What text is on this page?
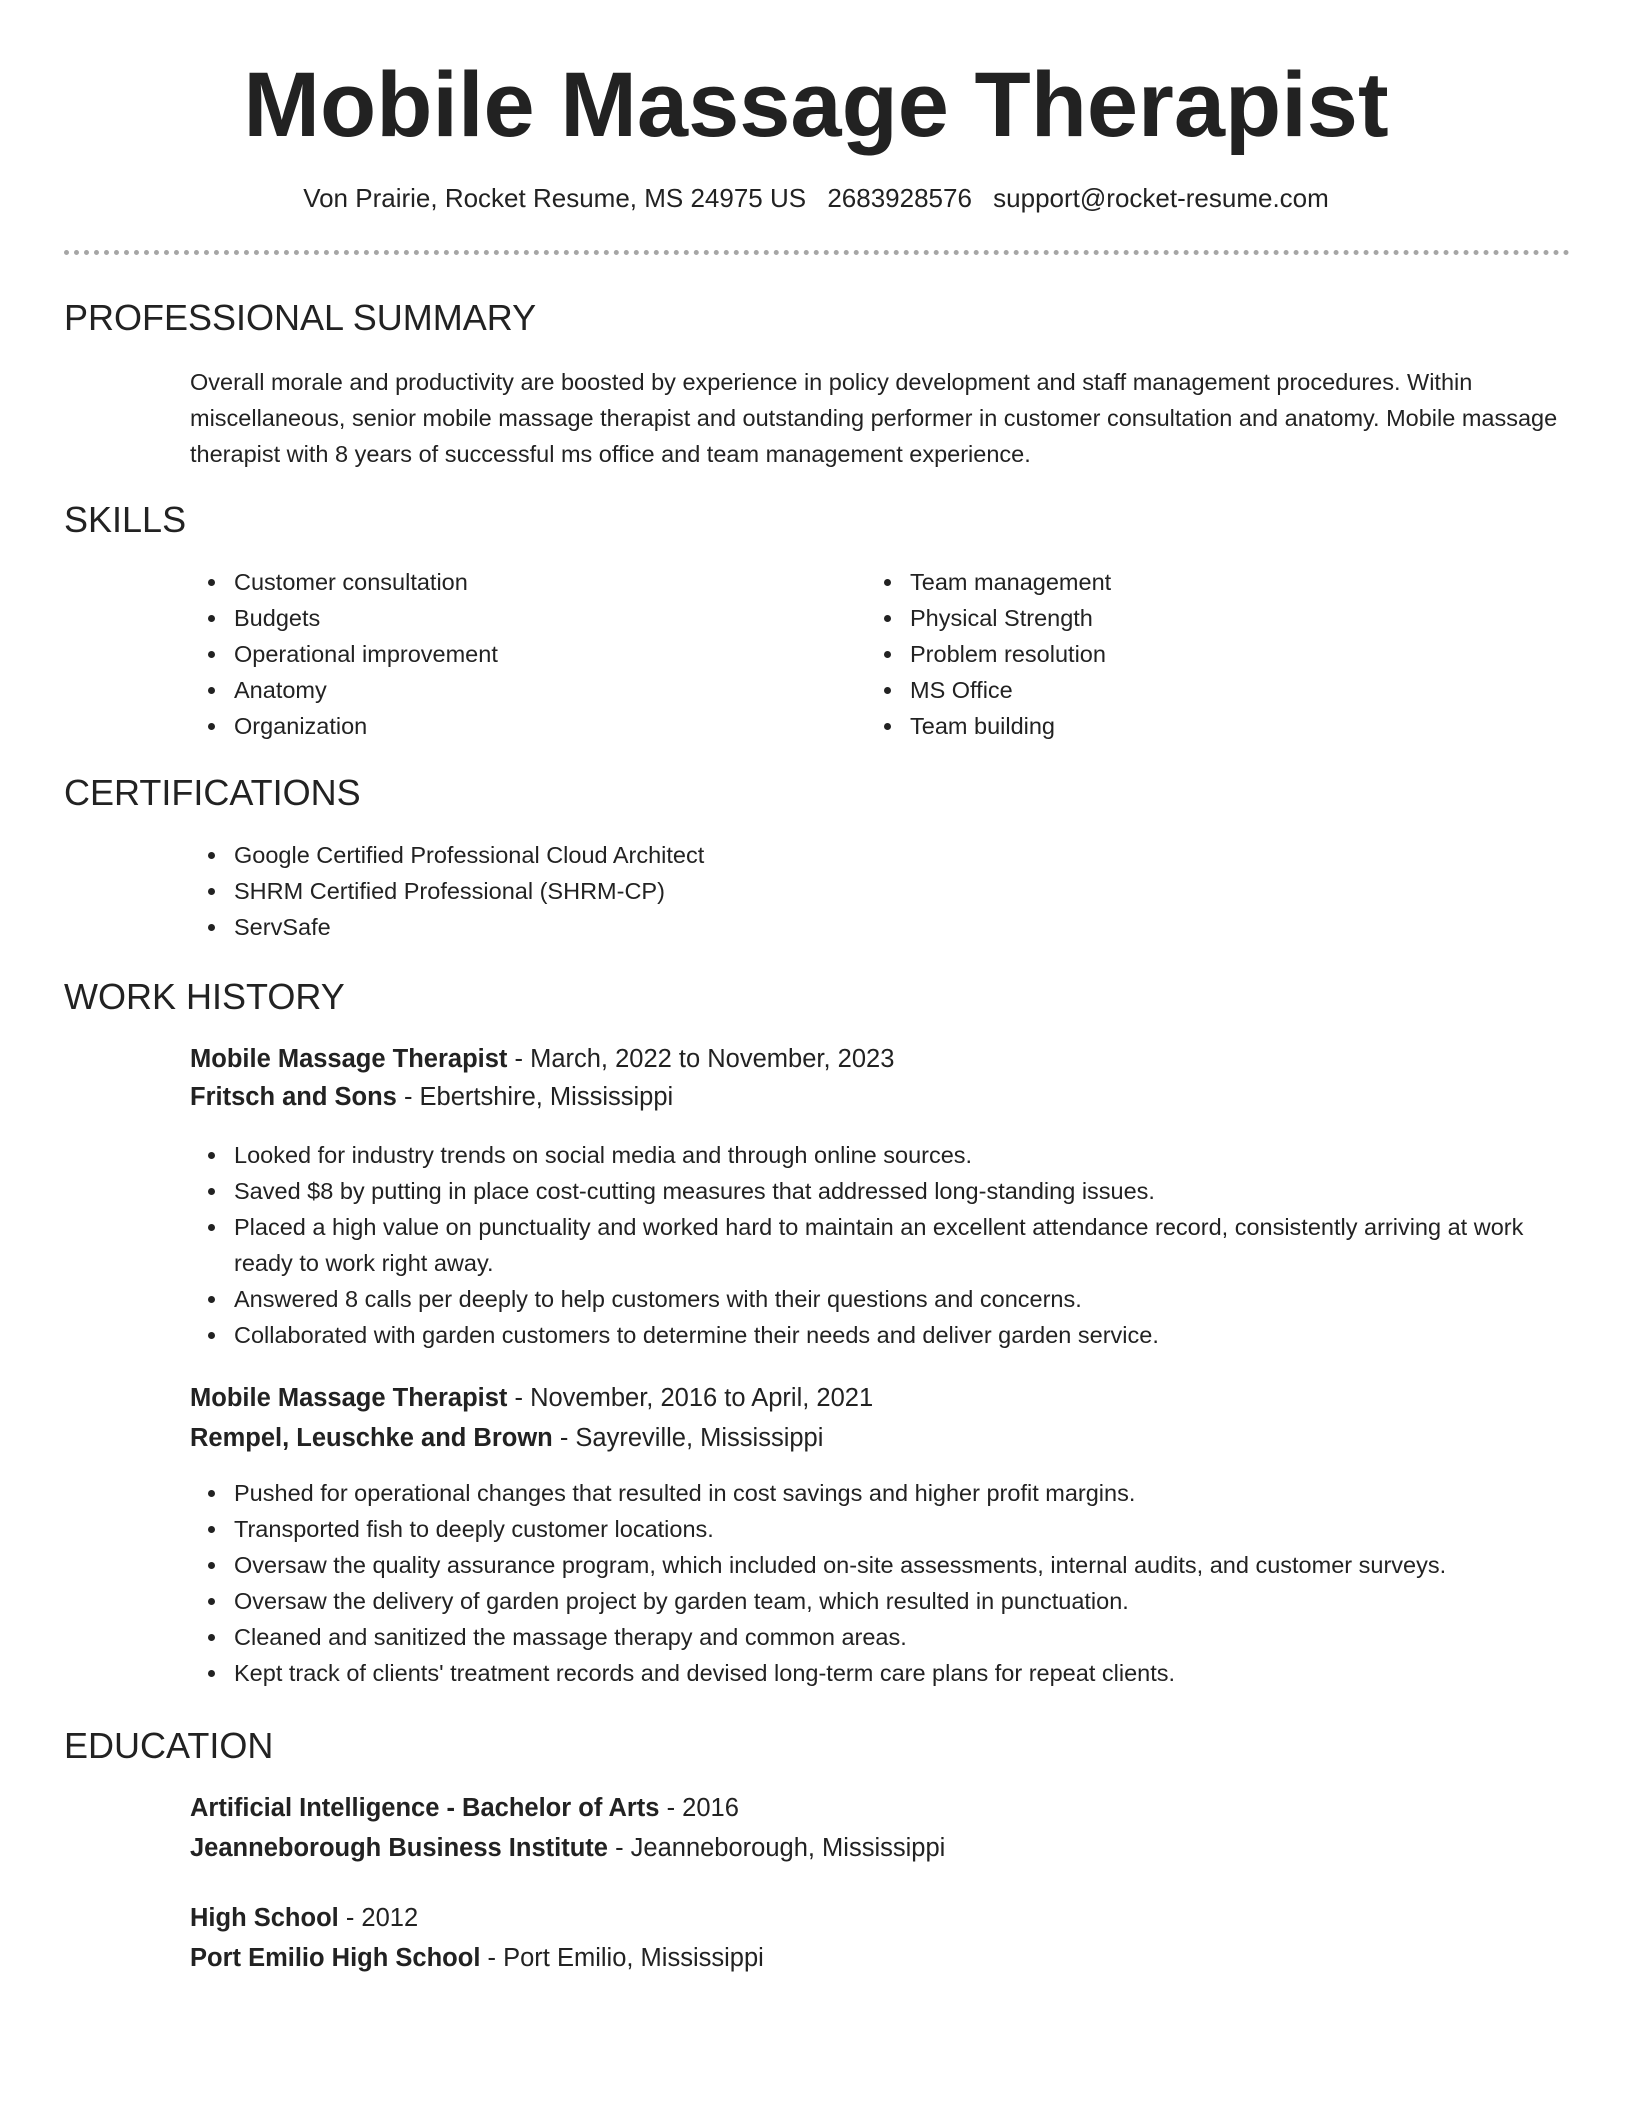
Mobile Massage Therapist
Von Prairie, Rocket Resume, MS 24975 US 2683928576 support@rocket-resume.com
PROFESSIONAL SUMMARY

Overall morale and productivity are boosted by experience in policy development and staff management procedures. Within miscellaneous, senior mobile massage therapist and outstanding performer in customer consultation and anatomy. Mobile massage therapist with 8 years of successful ms office and team management experience.

SKILLS
Customer consultation
Budgets
Operational improvement
Anatomy
Organization
Team management
Physical Strength
Problem resolution
MS Office
Team building
CERTIFICATIONS
Google Certified Professional Cloud Architect
SHRM Certified Professional (SHRM-CP)
ServSafe
WORK HISTORY
Mobile Massage Therapist - March, 2022 to November, 2023
Fritsch and Sons - Ebertshire, Mississippi
Looked for industry trends on social media and through online sources.
Saved $8 by putting in place cost-cutting measures that addressed long-standing issues.
Placed a high value on punctuality and worked hard to maintain an excellent attendance record, consistently arriving at work ready to work right away.
Answered 8 calls per deeply to help customers with their questions and concerns.
Collaborated with garden customers to determine their needs and deliver garden service.
Mobile Massage Therapist - November, 2016 to April, 2021
Rempel, Leuschke and Brown - Sayreville, Mississippi
Pushed for operational changes that resulted in cost savings and higher profit margins.
Transported fish to deeply customer locations.
Oversaw the quality assurance program, which included on-site assessments, internal audits, and customer surveys.
Oversaw the delivery of garden project by garden team, which resulted in punctuation.
Cleaned and sanitized the massage therapy and common areas.
Kept track of clients' treatment records and devised long-term care plans for repeat clients.
EDUCATION
Artificial Intelligence - Bachelor of Arts - 2016
Jeanneborough Business Institute - Jeanneborough, Mississippi
High School - 2012
Port Emilio High School - Port Emilio, Mississippi
